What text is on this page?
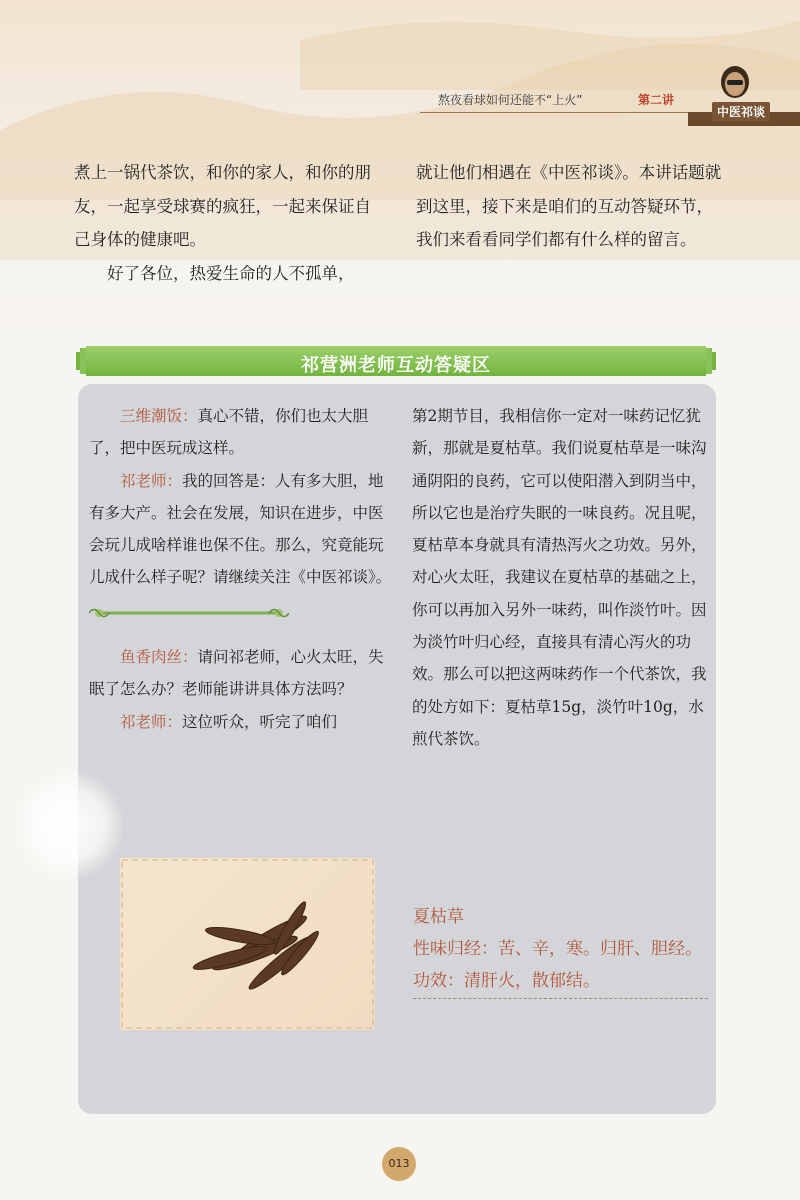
熬夜看球如何还能不“上火”	第二讲
中医祁谈

煮上一锅代茶饮，和你的家人，和你的朋友，一起享受球赛的疯狂，一起来保证自己身体的健康吧。

好了各位，热爱生命的人不孤单，

就让他们相遇在《中医祁谈》。本讲话题就到这里，接下来是咱们的互动答疑环节，我们来看看同学们都有什么样的留言。

祁营洲老师互动答疑区

三维潮饭：真心不错，你们也太大胆了，把中医玩成这样。

祁老师：我的回答是：人有多大胆，地有多大产。社会在发展，知识在进步，中医会玩儿成啥样谁也保不住。那么，究竟能玩儿成什么样子呢？请继续关注《中医祁谈》。

鱼香肉丝：请问祁老师，心火太旺，失眠了怎么办？老师能讲讲具体方法吗？

祁老师：这位听众，听完了咱们

第2期节目，我相信你一定对一味药记忆犹新，那就是夏枯草。我们说夏枯草是一味沟通阴阳的良药，它可以使阳潜入到阴当中，所以它也是治疗失眠的一味良药。况且呢，夏枯草本身就具有清热泻火之功效。另外，对心火太旺，我建议在夏枯草的基础之上，你可以再加入另外一味药，叫作淡竹叶。因为淡竹叶归心经，直接具有清心泻火的功效。那么可以把这两味药作一个代茶饮，我的处方如下：夏枯草15g，淡竹叶10g，水煎代茶饮。

夏枯草
性味归经：苦、辛，寒。归肝、胆经。
功效：清肝火，散郁结。
013
